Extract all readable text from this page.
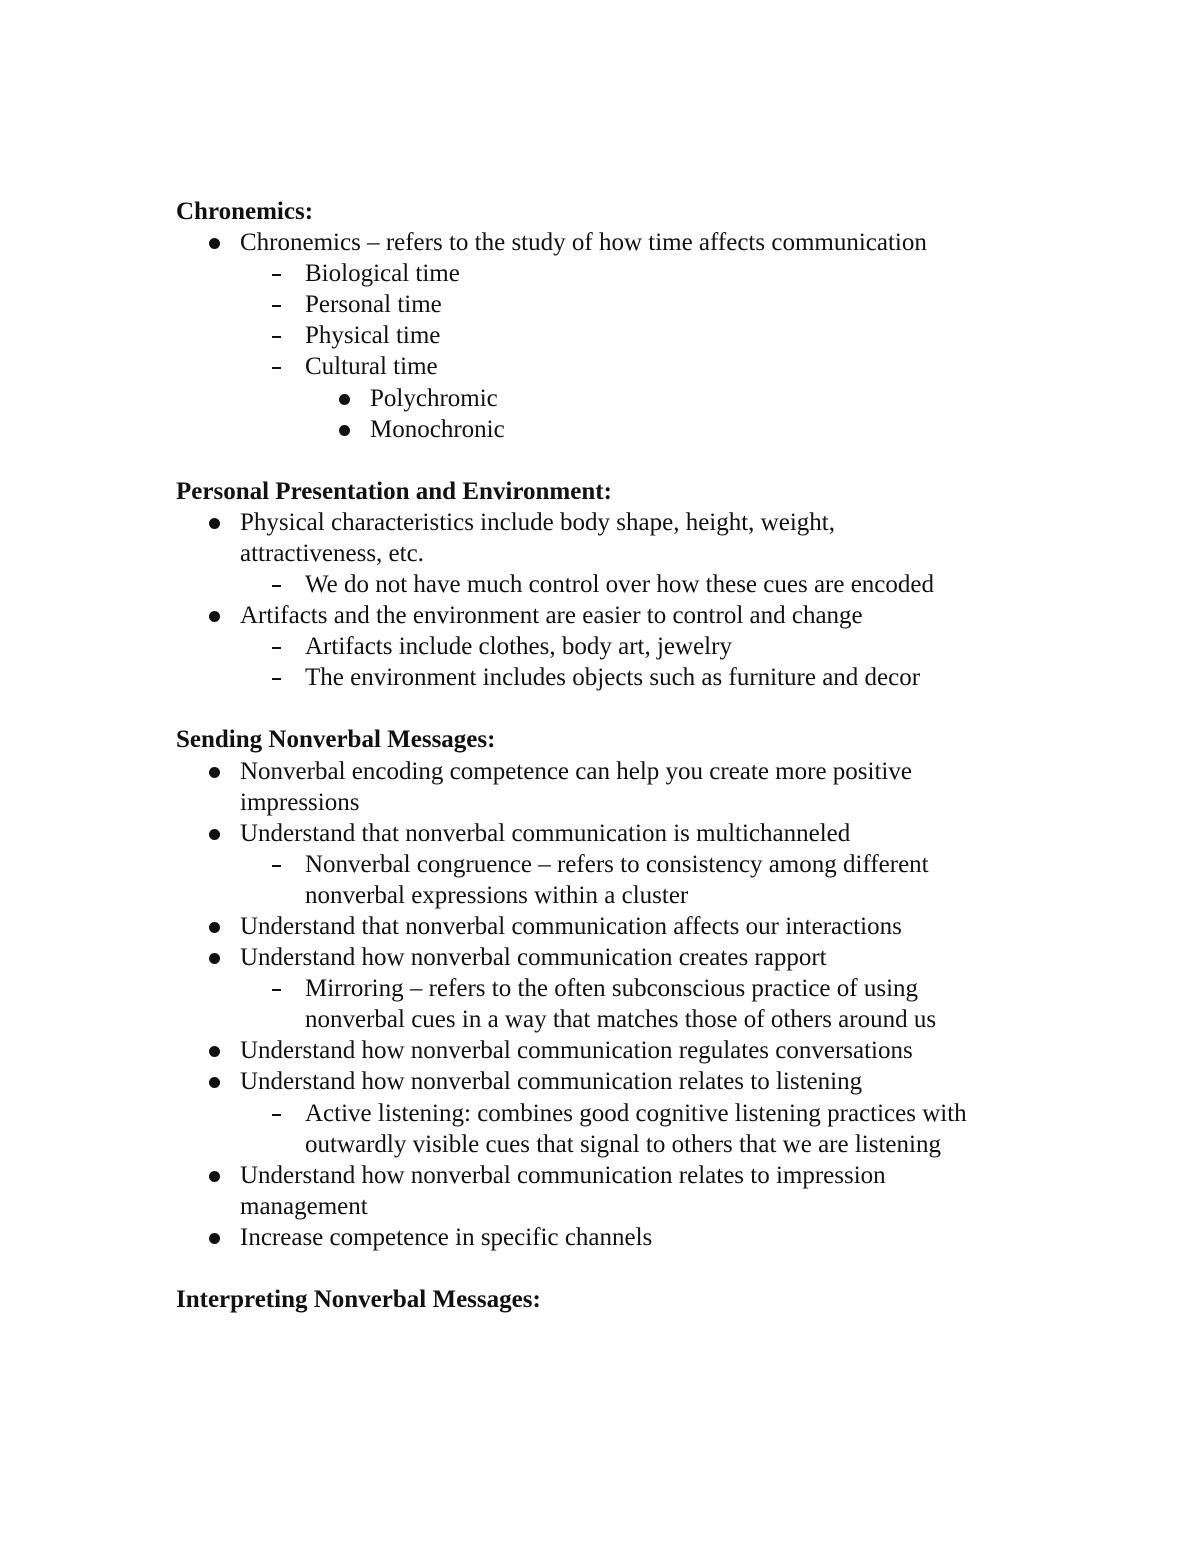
Chronemics:
Chronemics – refers to the study of how time affects communication
Biological time
Personal time
Physical time
Cultural time
Polychromic
Monochronic
Personal Presentation and Environment:
Physical characteristics include body shape, height, weight, attractiveness, etc.
We do not have much control over how these cues are encoded
Artifacts and the environment are easier to control and change
Artifacts include clothes, body art, jewelry
The environment includes objects such as furniture and decor
Sending Nonverbal Messages:
Nonverbal encoding competence can help you create more positive impressions
Understand that nonverbal communication is multichanneled
Nonverbal congruence – refers to consistency among different nonverbal expressions within a cluster
Understand that nonverbal communication affects our interactions
Understand how nonverbal communication creates rapport
Mirroring – refers to the often subconscious practice of using nonverbal cues in a way that matches those of others around us
Understand how nonverbal communication regulates conversations
Understand how nonverbal communication relates to listening
Active listening: combines good cognitive listening practices with outwardly visible cues that signal to others that we are listening
Understand how nonverbal communication relates to impression management
Increase competence in specific channels
Interpreting Nonverbal Messages:
